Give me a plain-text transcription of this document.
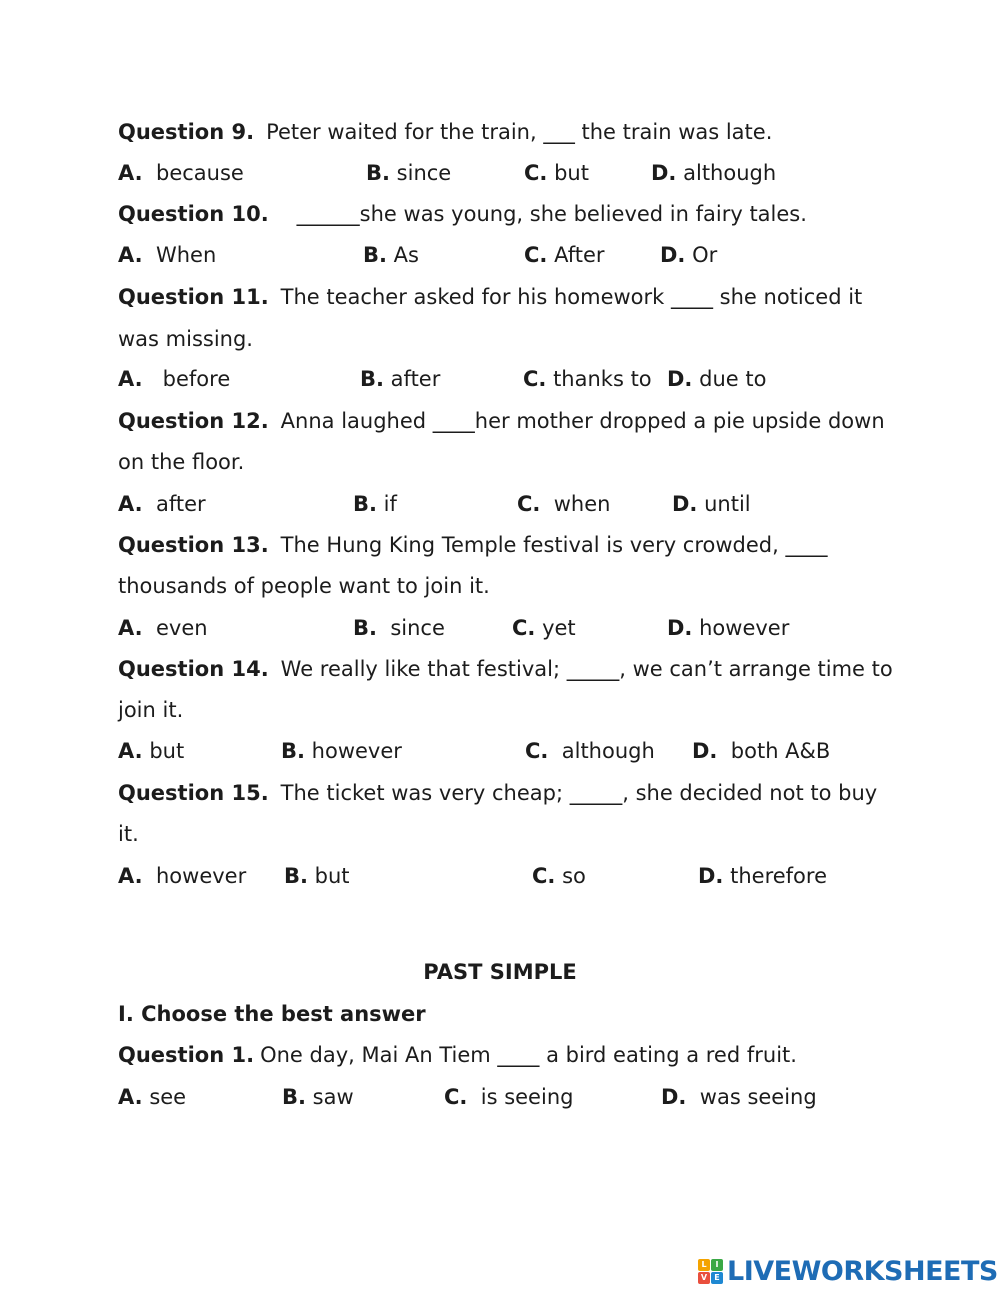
Question 9. Peter waited for the train, ___ the train was late.
A. because	B. since	C. but	D. although
Question 10. ______she was young, she believed in fairy tales.
A. When	B. As	C. After	D. Or
Question 11. The teacher asked for his homework ____ she noticed it
was missing.
A. before	B. after	C. thanks to D. due to
Question 12. Anna laughed ____her mother dropped a pie upside down
on the floor.
A. after	B. if	C. when	D. until
Question 13. The Hung King Temple festival is very crowded, ____
thousands of people want to join it.
A. even	B. since	C. yet	D. however
Question 14. We really like that festival; _____, we can’t arrange time to
join it.
A. but	B. however	C. although D. both A&B
Question 15. The ticket was very cheap; _____, she decided not to buy
it.
A. however B. but	C. so	D. therefore
PAST SIMPLE
I. Choose the best answer
Question 1. One day, Mai An Tiem ____ a bird eating a red fruit.
A. see	B. saw	C. is seeing	D. was seeing
L	I
V E LIVEWORKSHEETS
